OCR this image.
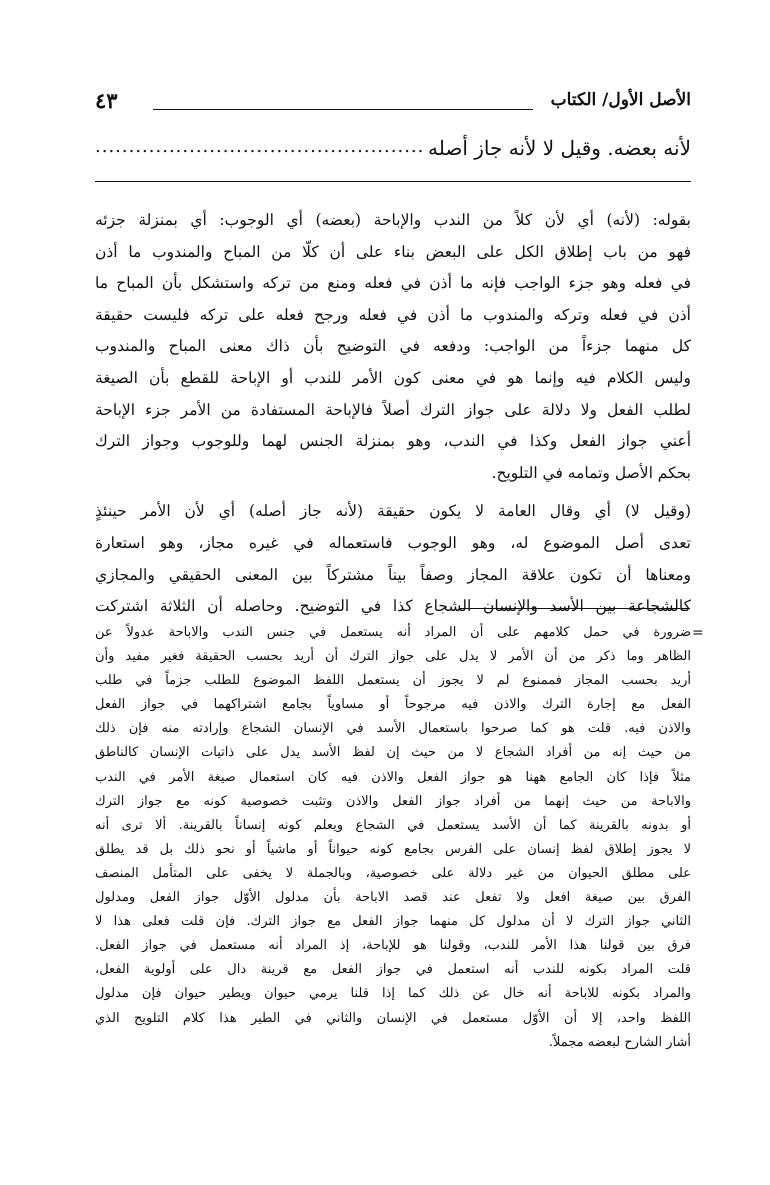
الأصل الأول/ الكتاب
٤٣
لأنه بعضه. وقيل لا لأنه جاز أصله
.................................................
بقوله: (لأنه) أي لأن كلاً من الندب والإباحة (بعضه) أي الوجوب: أي بمنزلة جزئه
فهو من باب إطلاق الكل على البعض بناء على أن كلّا من المباح والمندوب ما أذن
في فعله وهو جزء الواجب فإنه ما أذن في فعله ومنع من تركه واستشكل بأن المباح ما
أذن في فعله وتركه والمندوب ما أذن في فعله ورجح فعله على تركه فليست حقيقة
كل منهما جزءاً من الواجب: ودفعه في التوضيح بأن ذاك معنى المباح والمندوب
وليس الكلام فيه وإنما هو في معنى كون الأمر للندب أو الإباحة للقطع بأن الصيغة
لطلب الفعل ولا دلالة على جواز الترك أصلاً فالإباحة المستفادة من الأمر جزء الإباحة
أعني جواز الفعل وكذا في الندب، وهو بمنزلة الجنس لهما وللوجوب وجواز الترك
بحكم الأصل وتمامه في التلويح.
(وقيل لا) أي وقال العامة لا يكون حقيقة (لأنه جاز أصله) أي لأن الأمر حينئذٍ
تعدى أصل الموضوع له، وهو الوجوب فاستعماله في غيره مجاز، وهو استعارة
ومعناها أن تكون علاقة المجاز وصفاً بيناً مشتركاً بين المعنى الحقيقي والمجازي
كالشجاعة بين الأسد والإنسان الشجاع كذا في التوضيح. وحاصله أن الثلاثة اشتركت
=
ضرورة في حمل كلامهم على أن المراد أنه يستعمل في جنس الندب والاباحة عدولاً عن
الظاهر وما ذكر من أن الأمر لا يدل على جواز الترك أن أريد بحسب الحقيقة فغير مفيد وأن
أريد بحسب المجاز فممنوع لم لا يجوز أن يستعمل اللفظ الموضوع للطلب جزماً في طلب
الفعل مع إجارة الترك والاذن فيه مرجوحاً أو مساوياً بجامع اشتراكهما في جواز الفعل
والاذن فيه. قلت هو كما صرحوا باستعمال الأسد في الإنسان الشجاع وإرادته منه فإن ذلك
من حيث إنه من أفراد الشجاع لا من حيث إن لفظ الأسد يدل على ذاتيات الإنسان كالناطق
مثلاً فإذا كان الجامع ههنا هو جواز الفعل والاذن فيه كان استعمال صيغة الأمر في الندب
والاباحة من حيث إنهما من أفراد جواز الفعل والاذن وتثبت خصوصية كونه مع جواز الترك
أو بدونه بالقرينة كما أن الأسد يستعمل في الشجاع ويعلم كونه إنساناً بالقرينة. ألا ترى أنه
لا يجوز إطلاق لفظ إنسان على الفرس بجامع كونه حيواناً أو ماشياً أو نحو ذلك بل قد يطلق
على مطلق الحيوان من غير دلالة على خصوصية، وبالجملة لا يخفى على المتأمل المنصف
الفرق بين صيغة افعل ولا تفعل عند قصد الاباحة بأن مدلول الأوّل جواز الفعل ومدلول
الثاني جواز الترك لا أن مدلول كل منهما جواز الفعل مع جواز الترك. فإن قلت فعلى هذا لا
فرق بين قولنا هذا الأمر للندب، وقولنا هو للإباحة، إذ المراد أنه مستعمل في جواز الفعل.
قلت المراد بكونه للندب أنه استعمل في جواز الفعل مع قرينة دال على أولوية الفعل،
والمراد بكونه للاباحة أنه خال عن ذلك كما إذا قلنا يرمي حيوان ويطير حيوان فإن مدلول
اللفظ واحد، إلا أن الأوّل مستعمل في الإنسان والثاني في الطير هذا كلام التلويح الذي
أشار الشارح لبعضه مجملاً.
